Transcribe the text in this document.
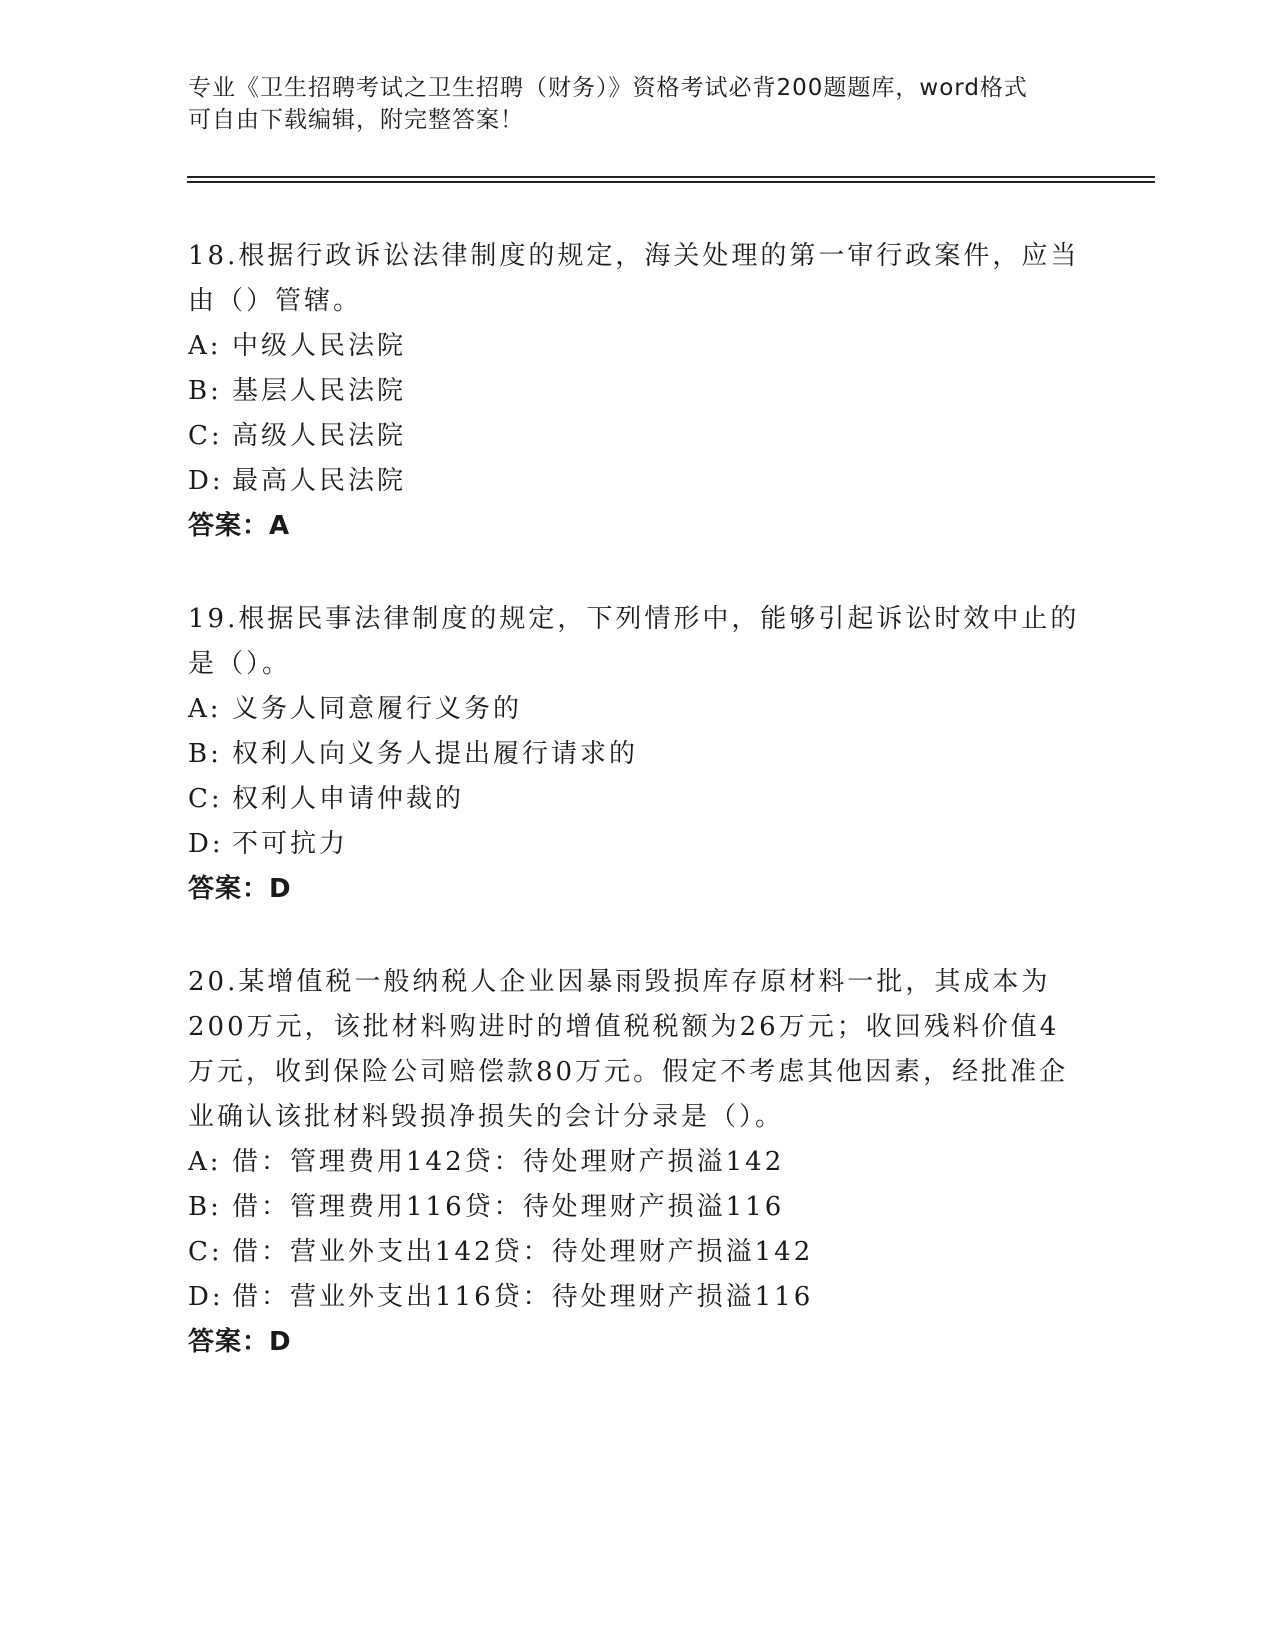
专业《卫生招聘考试之卫生招聘（财务）》资格考试必背200题题库，word格式
可自由下载编辑，附完整答案！
18.根据行政诉讼法律制度的规定，海关处理的第一审行政案件，应当
由（）管辖。
A: 中级人民法院
B: 基层人民法院
C: 高级人民法院
D: 最高人民法院
答案：A
19.根据民事法律制度的规定，下列情形中，能够引起诉讼时效中止的
是（）。
A: 义务人同意履行义务的
B: 权利人向义务人提出履行请求的
C: 权利人申请仲裁的
D: 不可抗力
答案：D
20.某增值税一般纳税人企业因暴雨毁损库存原材料一批，其成本为
200万元，该批材料购进时的增值税税额为26万元；收回残料价值4
万元，收到保险公司赔偿款80万元。假定不考虑其他因素，经批准企
业确认该批材料毁损净损失的会计分录是（）。
A: 借：管理费用142贷：待处理财产损溢142
B: 借：管理费用116贷：待处理财产损溢116
C: 借：营业外支出142贷：待处理财产损溢142
D: 借：营业外支出116贷：待处理财产损溢116
答案：D
